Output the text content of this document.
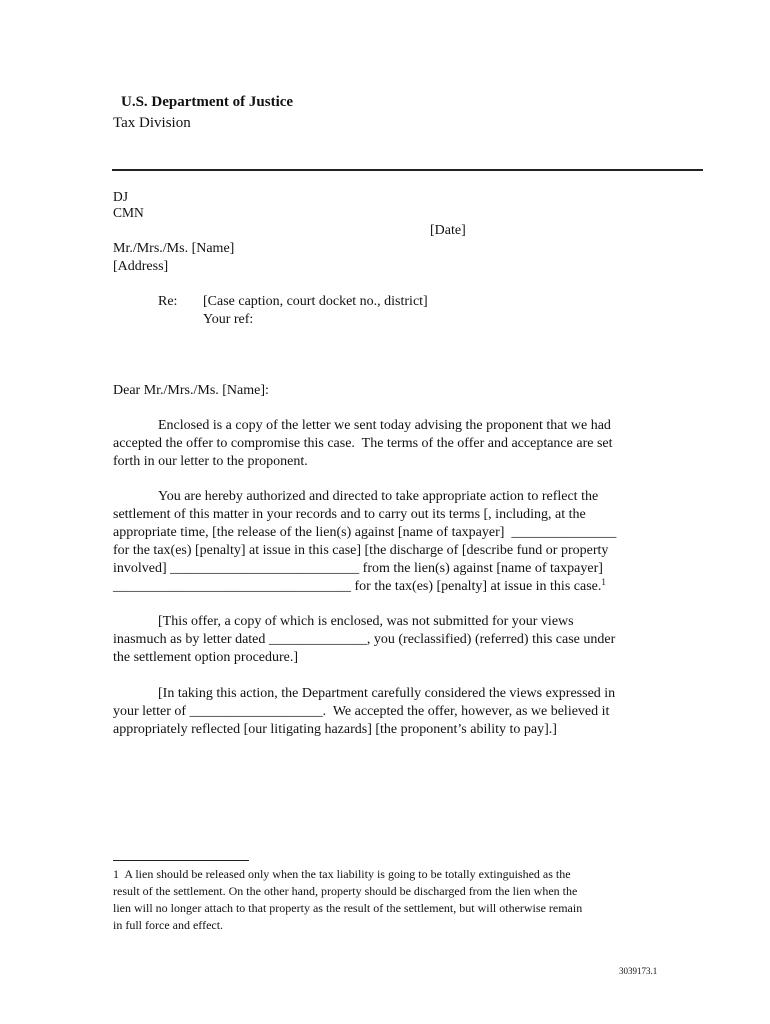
U.S. Department of Justice
Tax Division
DJ
CMN
[Date]
Mr./Mrs./Ms. [Name]
[Address]
Re: [Case caption, court docket no., district]
Your ref:
Dear Mr./Mrs./Ms. [Name]:
Enclosed is a copy of the letter we sent today advising the proponent that we had
accepted the offer to compromise this case.  The terms of the offer and acceptance are set
forth in our letter to the proponent.
You are hereby authorized and directed to take appropriate action to reflect the
settlement of this matter in your records and to carry out its terms [, including, at the
appropriate time, [the release of the lien(s) against [name of taxpayer]  _______________
for the tax(es) [penalty] at issue in this case] [the discharge of [describe fund or property
involved] ___________________________ from the lien(s) against [name of taxpayer]
__________________________________ for the tax(es) [penalty] at issue in this case.$^1$
[This offer, a copy of which is enclosed, was not submitted for your views
inasmuch as by letter dated ______________, you (reclassified) (referred) this case under
the settlement option procedure.]
[In taking this action, the Department carefully considered the views expressed in
your letter of ___________________.  We accepted the offer, however, as we believed it
appropriately reflected [our litigating hazards] [the proponent’s ability to pay].]
1  A lien should be released only when the tax liability is going to be totally extinguished as the
result of the settlement. On the other hand, property should be discharged from the lien when the
lien will no longer attach to that property as the result of the settlement, but will otherwise remain
in full force and effect.
3039173.1
